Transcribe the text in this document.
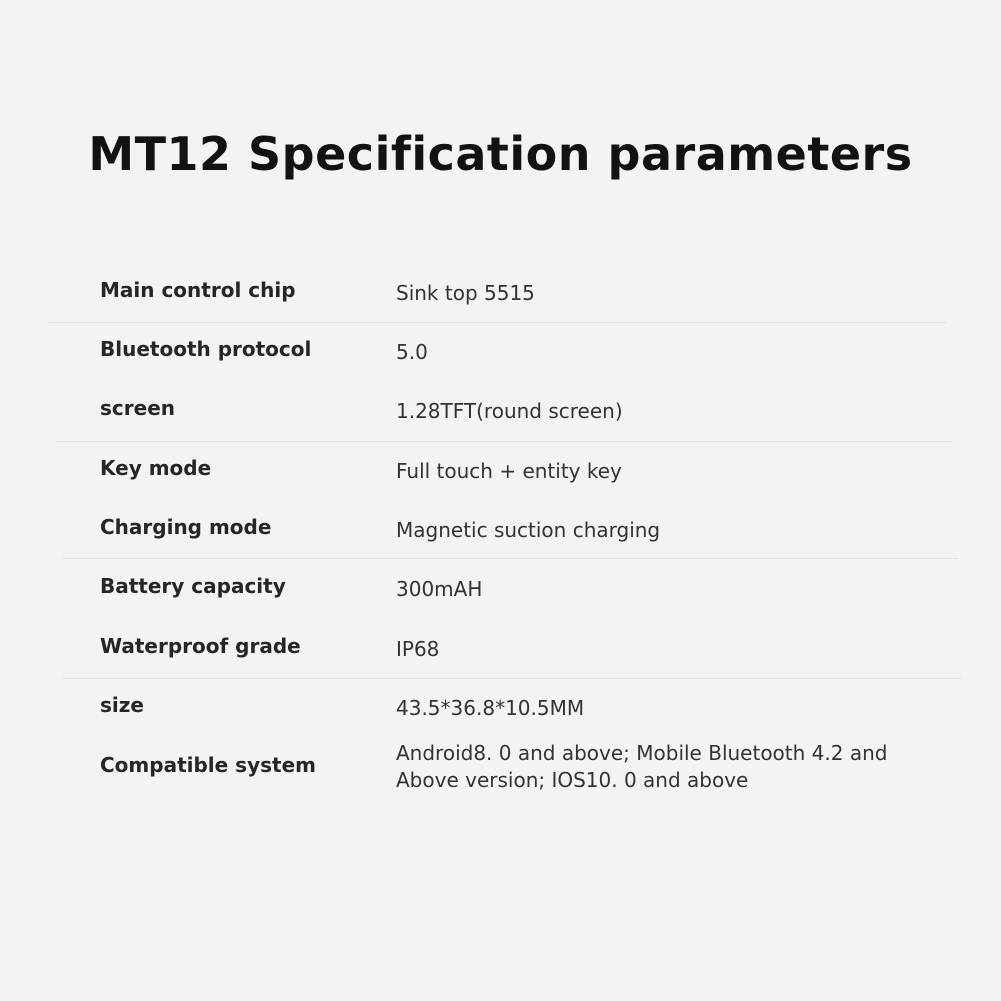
MT12 Specification parameters
Main control chip	Sink top 5515
Bluetooth protocol	5.0
screen	1.28TFT(round screen)
Key mode	Full touch + entity key
Charging mode	Magnetic suction charging
Battery capacity	300mAH
Waterproof grade	IP68
size	43.5*36.8*10.5MM
Compatible system	Android8. 0 and above; Mobile Bluetooth 4.2 and
Above version; IOS10. 0 and above
